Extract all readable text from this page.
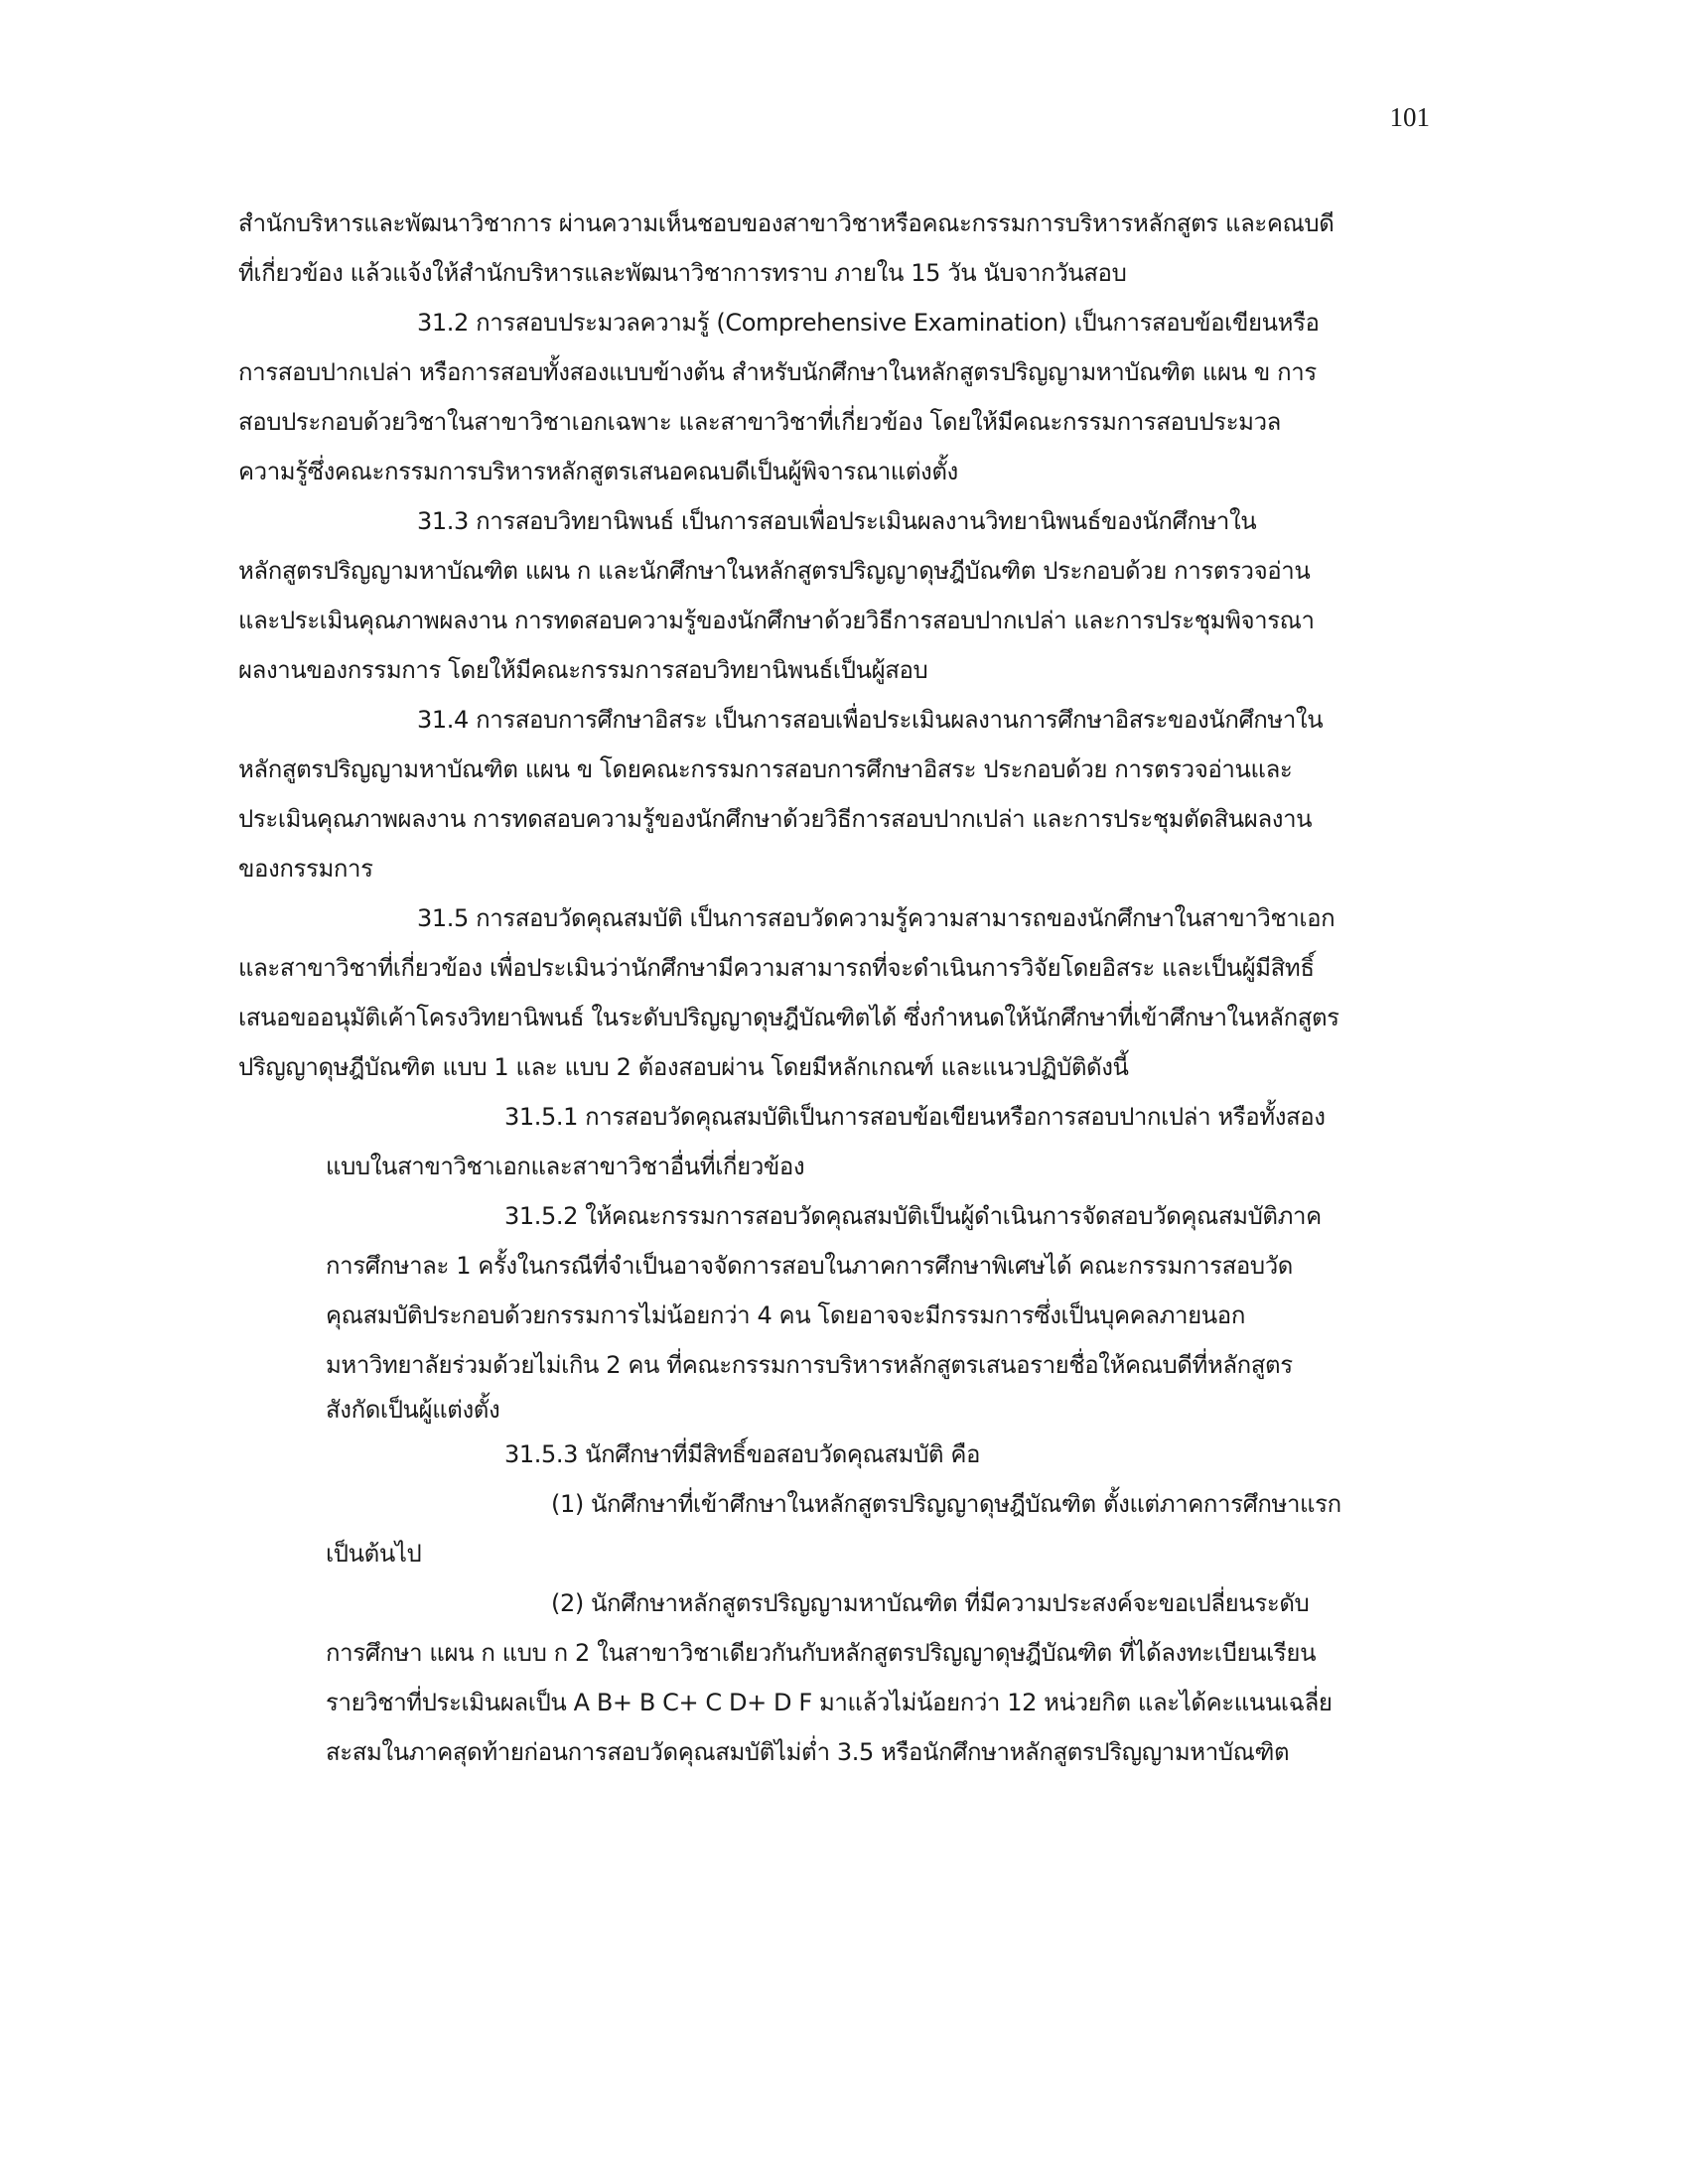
101
สำนักบริหารและพัฒนาวิชาการ ผ่านความเห็นชอบของสาขาวิชาหรือคณะกรรมการบริหารหลักสูตร และคณบดี
ที่เกี่ยวข้อง แล้วแจ้งให้สำนักบริหารและพัฒนาวิชาการทราบ ภายใน 15 วัน นับจากวันสอบ
31.2 การสอบประมวลความรู้ (Comprehensive Examination) เป็นการสอบข้อเขียนหรือ
การสอบปากเปล่า หรือการสอบทั้งสองแบบข้างต้น สำหรับนักศึกษาในหลักสูตรปริญญามหาบัณฑิต แผน ข การ
สอบประกอบด้วยวิชาในสาขาวิชาเอกเฉพาะ และสาขาวิชาที่เกี่ยวข้อง โดยให้มีคณะกรรมการสอบประมวล
ความรู้ซึ่งคณะกรรมการบริหารหลักสูตรเสนอคณบดีเป็นผู้พิจารณาแต่งตั้ง
31.3 การสอบวิทยานิพนธ์ เป็นการสอบเพื่อประเมินผลงานวิทยานิพนธ์ของนักศึกษาใน
หลักสูตรปริญญามหาบัณฑิต แผน ก และนักศึกษาในหลักสูตรปริญญาดุษฎีบัณฑิต ประกอบด้วย การตรวจอ่าน
และประเมินคุณภาพผลงาน การทดสอบความรู้ของนักศึกษาด้วยวิธีการสอบปากเปล่า และการประชุมพิจารณา
ผลงานของกรรมการ โดยให้มีคณะกรรมการสอบวิทยานิพนธ์เป็นผู้สอบ
31.4 การสอบการศึกษาอิสระ เป็นการสอบเพื่อประเมินผลงานการศึกษาอิสระของนักศึกษาใน
หลักสูตรปริญญามหาบัณฑิต แผน ข โดยคณะกรรมการสอบการศึกษาอิสระ ประกอบด้วย การตรวจอ่านและ
ประเมินคุณภาพผลงาน การทดสอบความรู้ของนักศึกษาด้วยวิธีการสอบปากเปล่า และการประชุมตัดสินผลงาน
ของกรรมการ
31.5 การสอบวัดคุณสมบัติ เป็นการสอบวัดความรู้ความสามารถของนักศึกษาในสาขาวิชาเอก
และสาขาวิชาที่เกี่ยวข้อง เพื่อประเมินว่านักศึกษามีความสามารถที่จะดำเนินการวิจัยโดยอิสระ และเป็นผู้มีสิทธิ์
เสนอขออนุมัติเค้าโครงวิทยานิพนธ์ ในระดับปริญญาดุษฎีบัณฑิตได้ ซึ่งกำหนดให้นักศึกษาที่เข้าศึกษาในหลักสูตร
ปริญญาดุษฎีบัณฑิต แบบ 1 และ แบบ 2 ต้องสอบผ่าน โดยมีหลักเกณฑ์ และแนวปฏิบัติดังนี้
31.5.1 การสอบวัดคุณสมบัติเป็นการสอบข้อเขียนหรือการสอบปากเปล่า หรือทั้งสอง
แบบในสาขาวิชาเอกและสาขาวิชาอื่นที่เกี่ยวข้อง
31.5.2 ให้คณะกรรมการสอบวัดคุณสมบัติเป็นผู้ดำเนินการจัดสอบวัดคุณสมบัติภาค
การศึกษาละ 1 ครั้งในกรณีที่จำเป็นอาจจัดการสอบในภาคการศึกษาพิเศษได้ คณะกรรมการสอบวัด
คุณสมบัติประกอบด้วยกรรมการไม่น้อยกว่า 4 คน โดยอาจจะมีกรรมการซึ่งเป็นบุคคลภายนอก
มหาวิทยาลัยร่วมด้วยไม่เกิน 2 คน ที่คณะกรรมการบริหารหลักสูตรเสนอรายชื่อให้คณบดีที่หลักสูตร
สังกัดเป็นผู้แต่งตั้ง
31.5.3 นักศึกษาที่มีสิทธิ์ขอสอบวัดคุณสมบัติ คือ
(1) นักศึกษาที่เข้าศึกษาในหลักสูตรปริญญาดุษฎีบัณฑิต ตั้งแต่ภาคการศึกษาแรก
เป็นต้นไป
(2) นักศึกษาหลักสูตรปริญญามหาบัณฑิต ที่มีความประสงค์จะขอเปลี่ยนระดับ
การศึกษา แผน ก แบบ ก 2 ในสาขาวิชาเดียวกันกับหลักสูตรปริญญาดุษฎีบัณฑิต ที่ได้ลงทะเบียนเรียน
รายวิชาที่ประเมินผลเป็น A B+ B C+ C D+ D F มาแล้วไม่น้อยกว่า 12 หน่วยกิต และได้คะแนนเฉลี่ย
สะสมในภาคสุดท้ายก่อนการสอบวัดคุณสมบัติไม่ต่ำ 3.5 หรือนักศึกษาหลักสูตรปริญญามหาบัณฑิต
